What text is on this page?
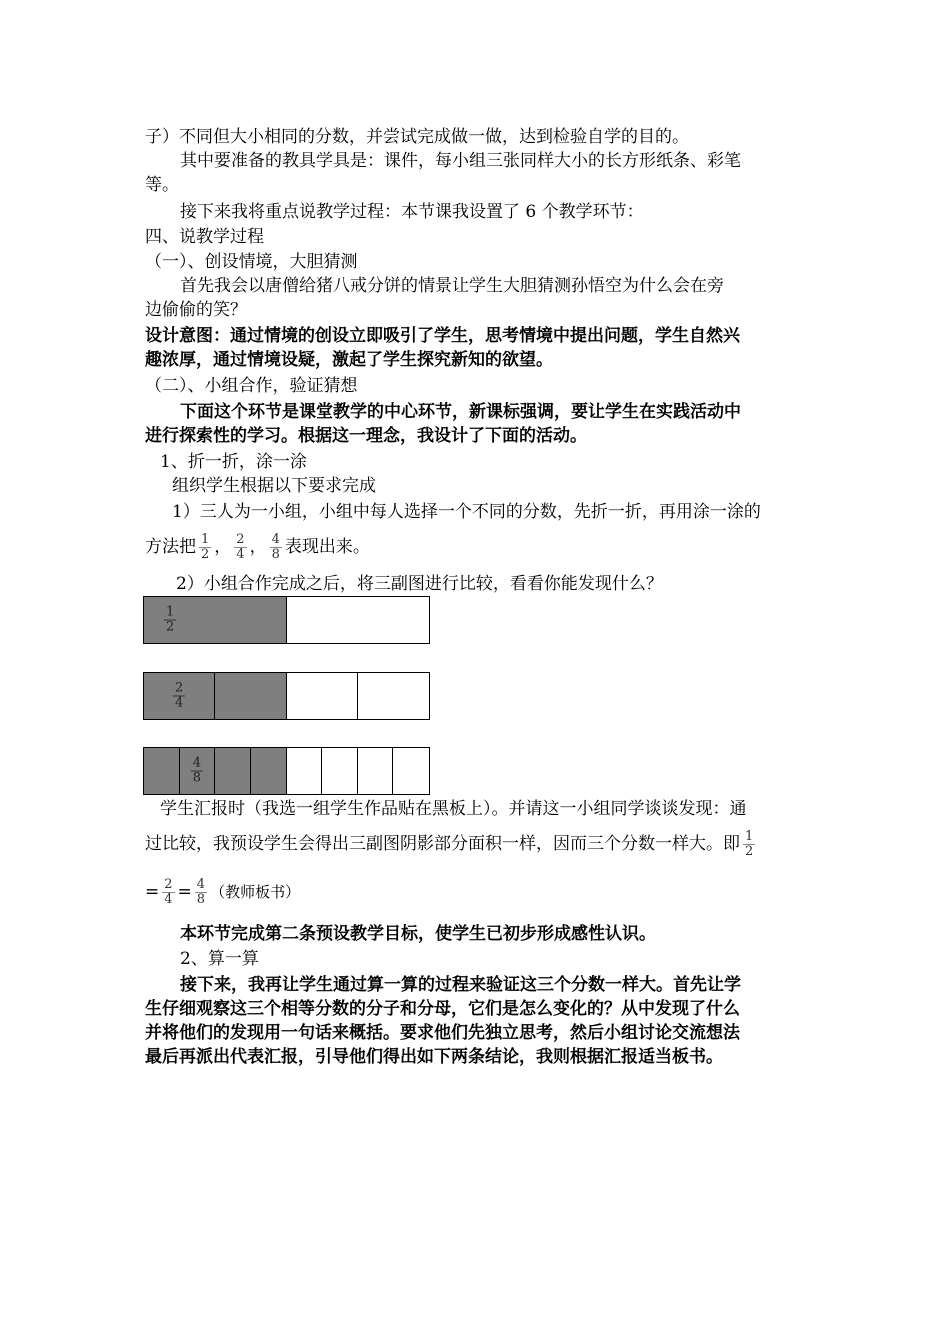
子）不同但大小相同的分数，并尝试完成做一做，达到检验自学的目的。
其中要准备的教具学具是：课件，每小组三张同样大小的长方形纸条、彩笔
等。
接下来我将重点说教学过程：本节课我设置了 6 个教学环节：
四、说教学过程
（一）、创设情境，大胆猜测
首先我会以唐僧给猪八戒分饼的情景让学生大胆猜测孙悟空为什么会在旁
边偷偷的笑？
设计意图：通过情境的创设立即吸引了学生，思考情境中提出问题，学生自然兴
趣浓厚，通过情境设疑，激起了学生探究新知的欲望。
（二）、小组合作，验证猜想
下面这个环节是课堂教学的中心环节，新课标强调，要让学生在实践活动中
进行探索性的学习。根据这一理念，我设计了下面的活动。
1、折一折，涂一涂
组织学生根据以下要求完成
1）三人为一小组，小组中每人选择一个不同的分数，先折一折，再用涂一涂的
方法把 $\frac{1}{2}$ ， $\frac{2}{4}$ ， $\frac{4}{8}$ 表现出来。
2）小组合作完成之后，将三副图进行比较，看看你能发现什么？
$\frac{1}{2}$
$\frac{2}{4}$
$\frac{4}{8}$
学生汇报时（我选一组学生作品贴在黑板上）。并请这一小组同学谈谈发现：通
过比较，我预设学生会得出三副图阴影部分面积一样，因而三个分数一样大。即 $\frac{1}{2}$
= $\frac{2}{4} = \frac{4}{8}$ （教师板书）
本环节完成第二条预设教学目标，使学生已初步形成感性认识。
2、算一算
接下来，我再让学生通过算一算的过程来验证这三个分数一样大。首先让学
生仔细观察这三个相等分数的分子和分母，它们是怎么变化的？从中发现了什么
并将他们的发现用一句话来概括。要求他们先独立思考，然后小组讨论交流想法
最后再派出代表汇报，引导他们得出如下两条结论，我则根据汇报适当板书。
